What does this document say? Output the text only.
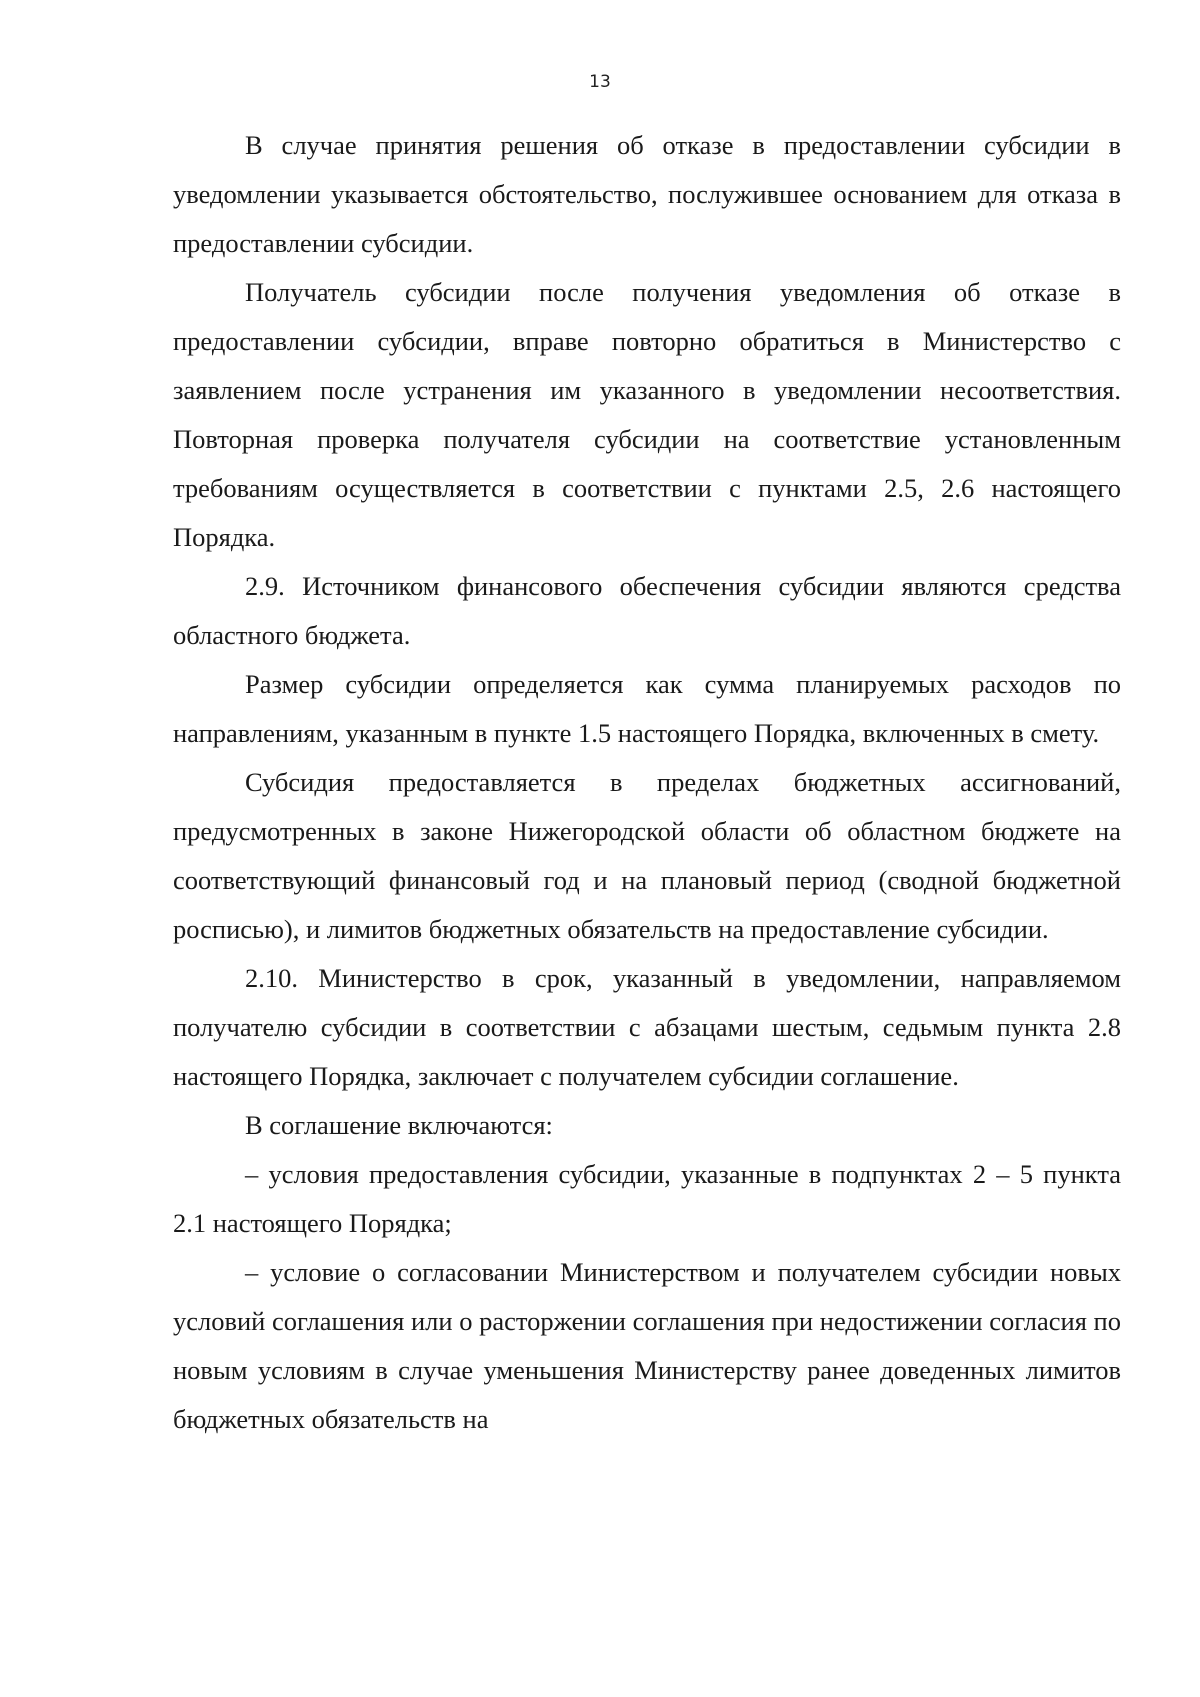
13

В случае принятия решения об отказе в предоставлении субсидии в уведомлении указывается обстоятельство, послужившее основанием для отказа в предоставлении субсидии.

Получатель субсидии после получения уведомления об отказе в предоставлении субсидии, вправе повторно обратиться в Министерство с заявлением после устранения им указанного в уведомлении несоответствия. Повторная проверка получателя субсидии на соответствие установленным требованиям осуществляется в соответствии с пунктами 2.5, 2.6 настоящего Порядка.

2.9. Источником финансового обеспечения субсидии являются средства областного бюджета.

Размер субсидии определяется как сумма планируемых расходов по направлениям, указанным в пункте 1.5 настоящего Порядка, включенных в смету.

Субсидия предоставляется в пределах бюджетных ассигнований, предусмотренных в законе Нижегородской области об областном бюджете на соответствующий финансовый год и на плановый период (сводной бюджетной росписью), и лимитов бюджетных обязательств на предоставление субсидии.

2.10. Министерство в срок, указанный в уведомлении, направляемом получателю субсидии в соответствии с абзацами шестым, седьмым пункта 2.8 настоящего Порядка, заключает с получателем субсидии соглашение.

В соглашение включаются:

– условия предоставления субсидии, указанные в подпунктах 2 – 5 пункта 2.1 настоящего Порядка;

– условие о согласовании Министерством и получателем субсидии новых условий соглашения или о расторжении соглашения при недостижении согласия по новым условиям в случае уменьшения Министерству ранее доведенных лимитов бюджетных обязательств на
